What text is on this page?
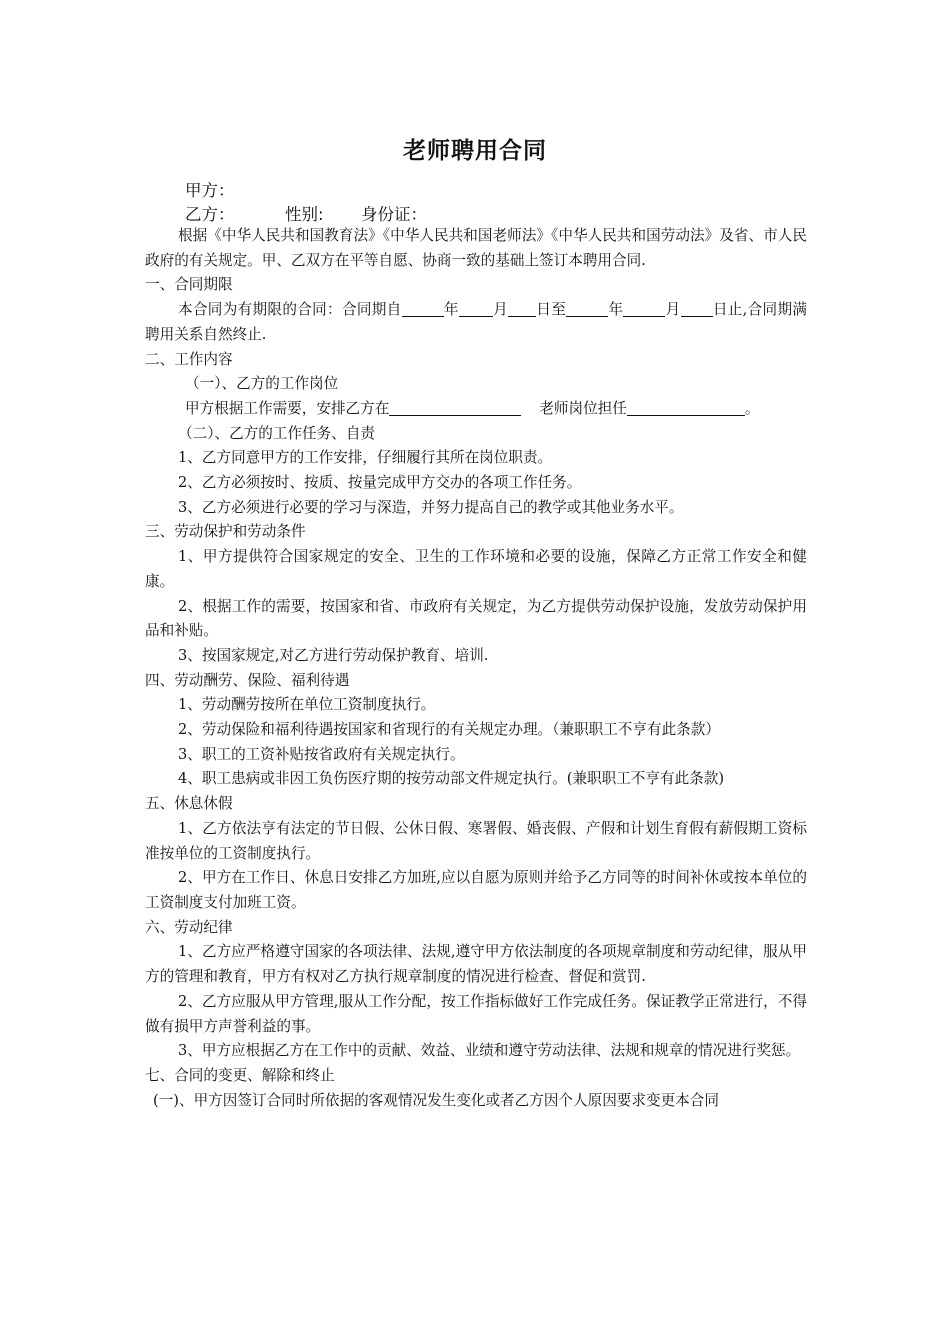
老师聘用合同
甲方：
乙方：	性别: 身份证：

根据《中华人民共和国教育法》《中华人民共和国老师法》《中华人民共和国劳动法》及省、市人民政府的有关规定。甲、乙双方在平等自愿、协商一致的基础上签订本聘用合同.

一、合同期限

本合同为有期限的合同：合同期自	年 月 日至	年	月 日止,合同期满聘用关系自然终止.

二、工作内容

（一）、乙方的工作岗位

甲方根据工作需要，安排乙方在	老师岗位担任	。

（二）、乙方的工作任务、自责

1、乙方同意甲方的工作安排，仔细履行其所在岗位职责。

2、乙方必须按时、按质、按量完成甲方交办的各项工作任务。

3、乙方必须进行必要的学习与深造，并努力提高自己的教学或其他业务水平。

三、劳动保护和劳动条件

1、甲方提供符合国家规定的安全、卫生的工作环境和必要的设施，保障乙方正常工作安全和健康。

2、根据工作的需要，按国家和省、市政府有关规定，为乙方提供劳动保护设施，发放劳动保护用品和补贴。

3、按国家规定,对乙方进行劳动保护教育、培训.

四、劳动酬劳、保险、福利待遇

1、劳动酬劳按所在单位工资制度执行。

2、劳动保险和福利待遇按国家和省现行的有关规定办理。（兼职职工不亨有此条款）

3、职工的工资补贴按省政府有关规定执行。

4、职工患病或非因工负伤医疗期的按劳动部文件规定执行。(兼职职工不亨有此条款)

五、休息休假

1、乙方依法亨有法定的节日假、公休日假、寒署假、婚丧假、产假和计划生育假有薪假期工资标准按单位的工资制度执行。

2、甲方在工作日、休息日安排乙方加班,应以自愿为原则并给予乙方同等的时间补休或按本单位的工资制度支付加班工资。

六、劳动纪律

1、乙方应严格遵守国家的各项法律、法规,遵守甲方依法制度的各项规章制度和劳动纪律，服从甲方的管理和教育，甲方有权对乙方执行规章制度的情况进行检查、督促和赏罚.

2、乙方应服从甲方管理,服从工作分配，按工作指标做好工作完成任务。保证教学正常进行，不得做有损甲方声誉利益的事。

3、甲方应根据乙方在工作中的贡献、效益、业绩和遵守劳动法律、法规和规章的情况进行奖惩。

七、合同的变更、解除和终止

(一)、甲方因签订合同时所依据的客观情况发生变化或者乙方因个人原因要求变更本合同
